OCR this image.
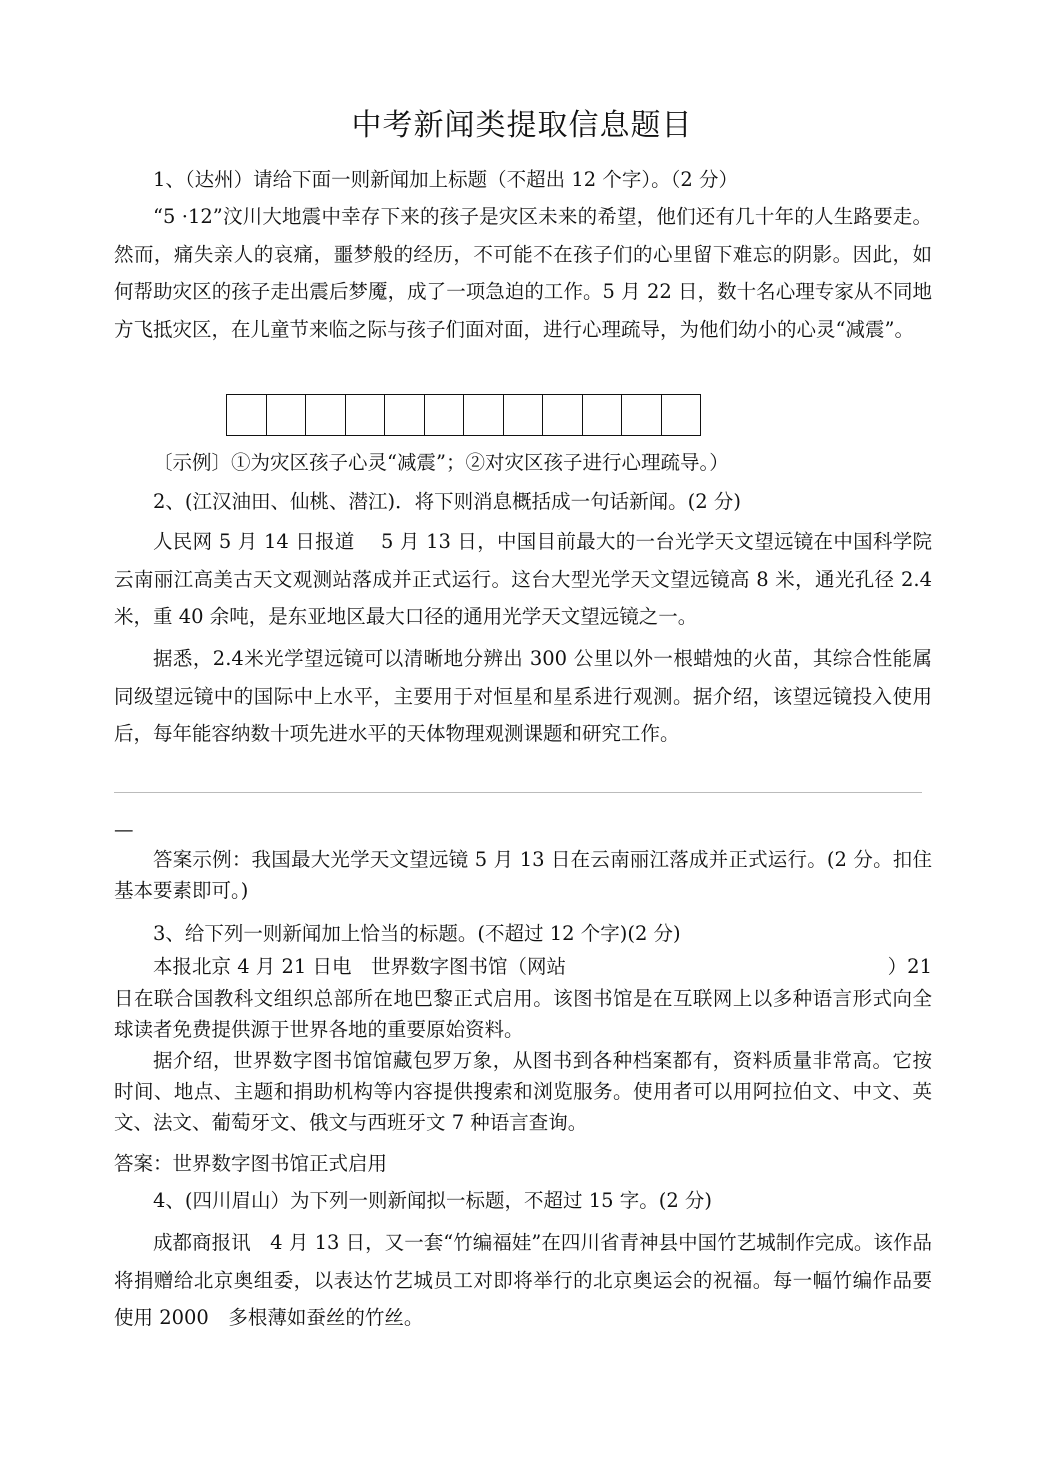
中考新闻类提取信息题目

1、（达州）请给下面一则新闻加上标题（不超出 12 个字）。（2 分）

“5 ·12”汶川大地震中幸存下来的孩子是灾区未来的希望，他们还有几十年的人生路要走。然而，痛失亲人的哀痛，噩梦般的经历，不可能不在孩子们的心里留下难忘的阴影。因此，如何帮助灾区的孩子走出震后梦魇，成了一项急迫的工作。5 月 22 日，数十名心理专家从不同地方飞抵灾区，在儿童节来临之际与孩子们面对面，进行心理疏导，为他们幼小的心灵“减震”。

〔示例〕①为灾区孩子心灵“减震”；②对灾区孩子进行心理疏导。）

2、(江汉油田、仙桃、潜江)．将下则消息概括成一句话新闻。(2 分)

人民网 5 月 14 日报道　 5 月 13 日，中国目前最大的一台光学天文望远镜在中国科学院云南丽江高美古天文观测站落成并正式运行。这台大型光学天文望远镜高 8 米，通光孔径 2.4米，重 40 余吨，是东亚地区最大口径的通用光学天文望远镜之一。

据悉，2.4米光学望远镜可以清晰地分辨出 300 公里以外一根蜡烛的火苗，其综合性能属同级望远镜中的国际中上水平，主要用于对恒星和星系进行观测。据介绍，该望远镜投入使用后，每年能容纳数十项先进水平的天体物理观测课题和研究工作。

—

答案示例：我国最大光学天文望远镜 5 月 13 日在云南丽江落成并正式运行。(2 分。扣住基本要素即可。)

3、给下列一则新闻加上恰当的标题。(不超过 12 个字)(2 分)

本报北京 4 月 21 日电　世界数字图书馆（网站	）21

日在联合国教科文组织总部所在地巴黎正式启用。该图书馆是在互联网上以多种语言形式向全球读者免费提供源于世界各地的重要原始资料。

据介绍，世界数字图书馆馆藏包罗万象，从图书到各种档案都有，资料质量非常高。它按时间、地点、主题和捐助机构等内容提供搜索和浏览服务。使用者可以用阿拉伯文、中文、英文、法文、葡萄牙文、俄文与西班牙文 7 种语言查询。

答案：世界数字图书馆正式启用

4、(四川眉山）为下列一则新闻拟一标题，不超过 15 字。(2 分)

成都商报讯　4 月 13 日，又一套“竹编福娃”在四川省青神县中国竹艺城制作完成。该作品将捐赠给北京奥组委，以表达竹艺城员工对即将举行的北京奥运会的祝福。每一幅竹编作品要使用 2000　多根薄如蚕丝的竹丝。
